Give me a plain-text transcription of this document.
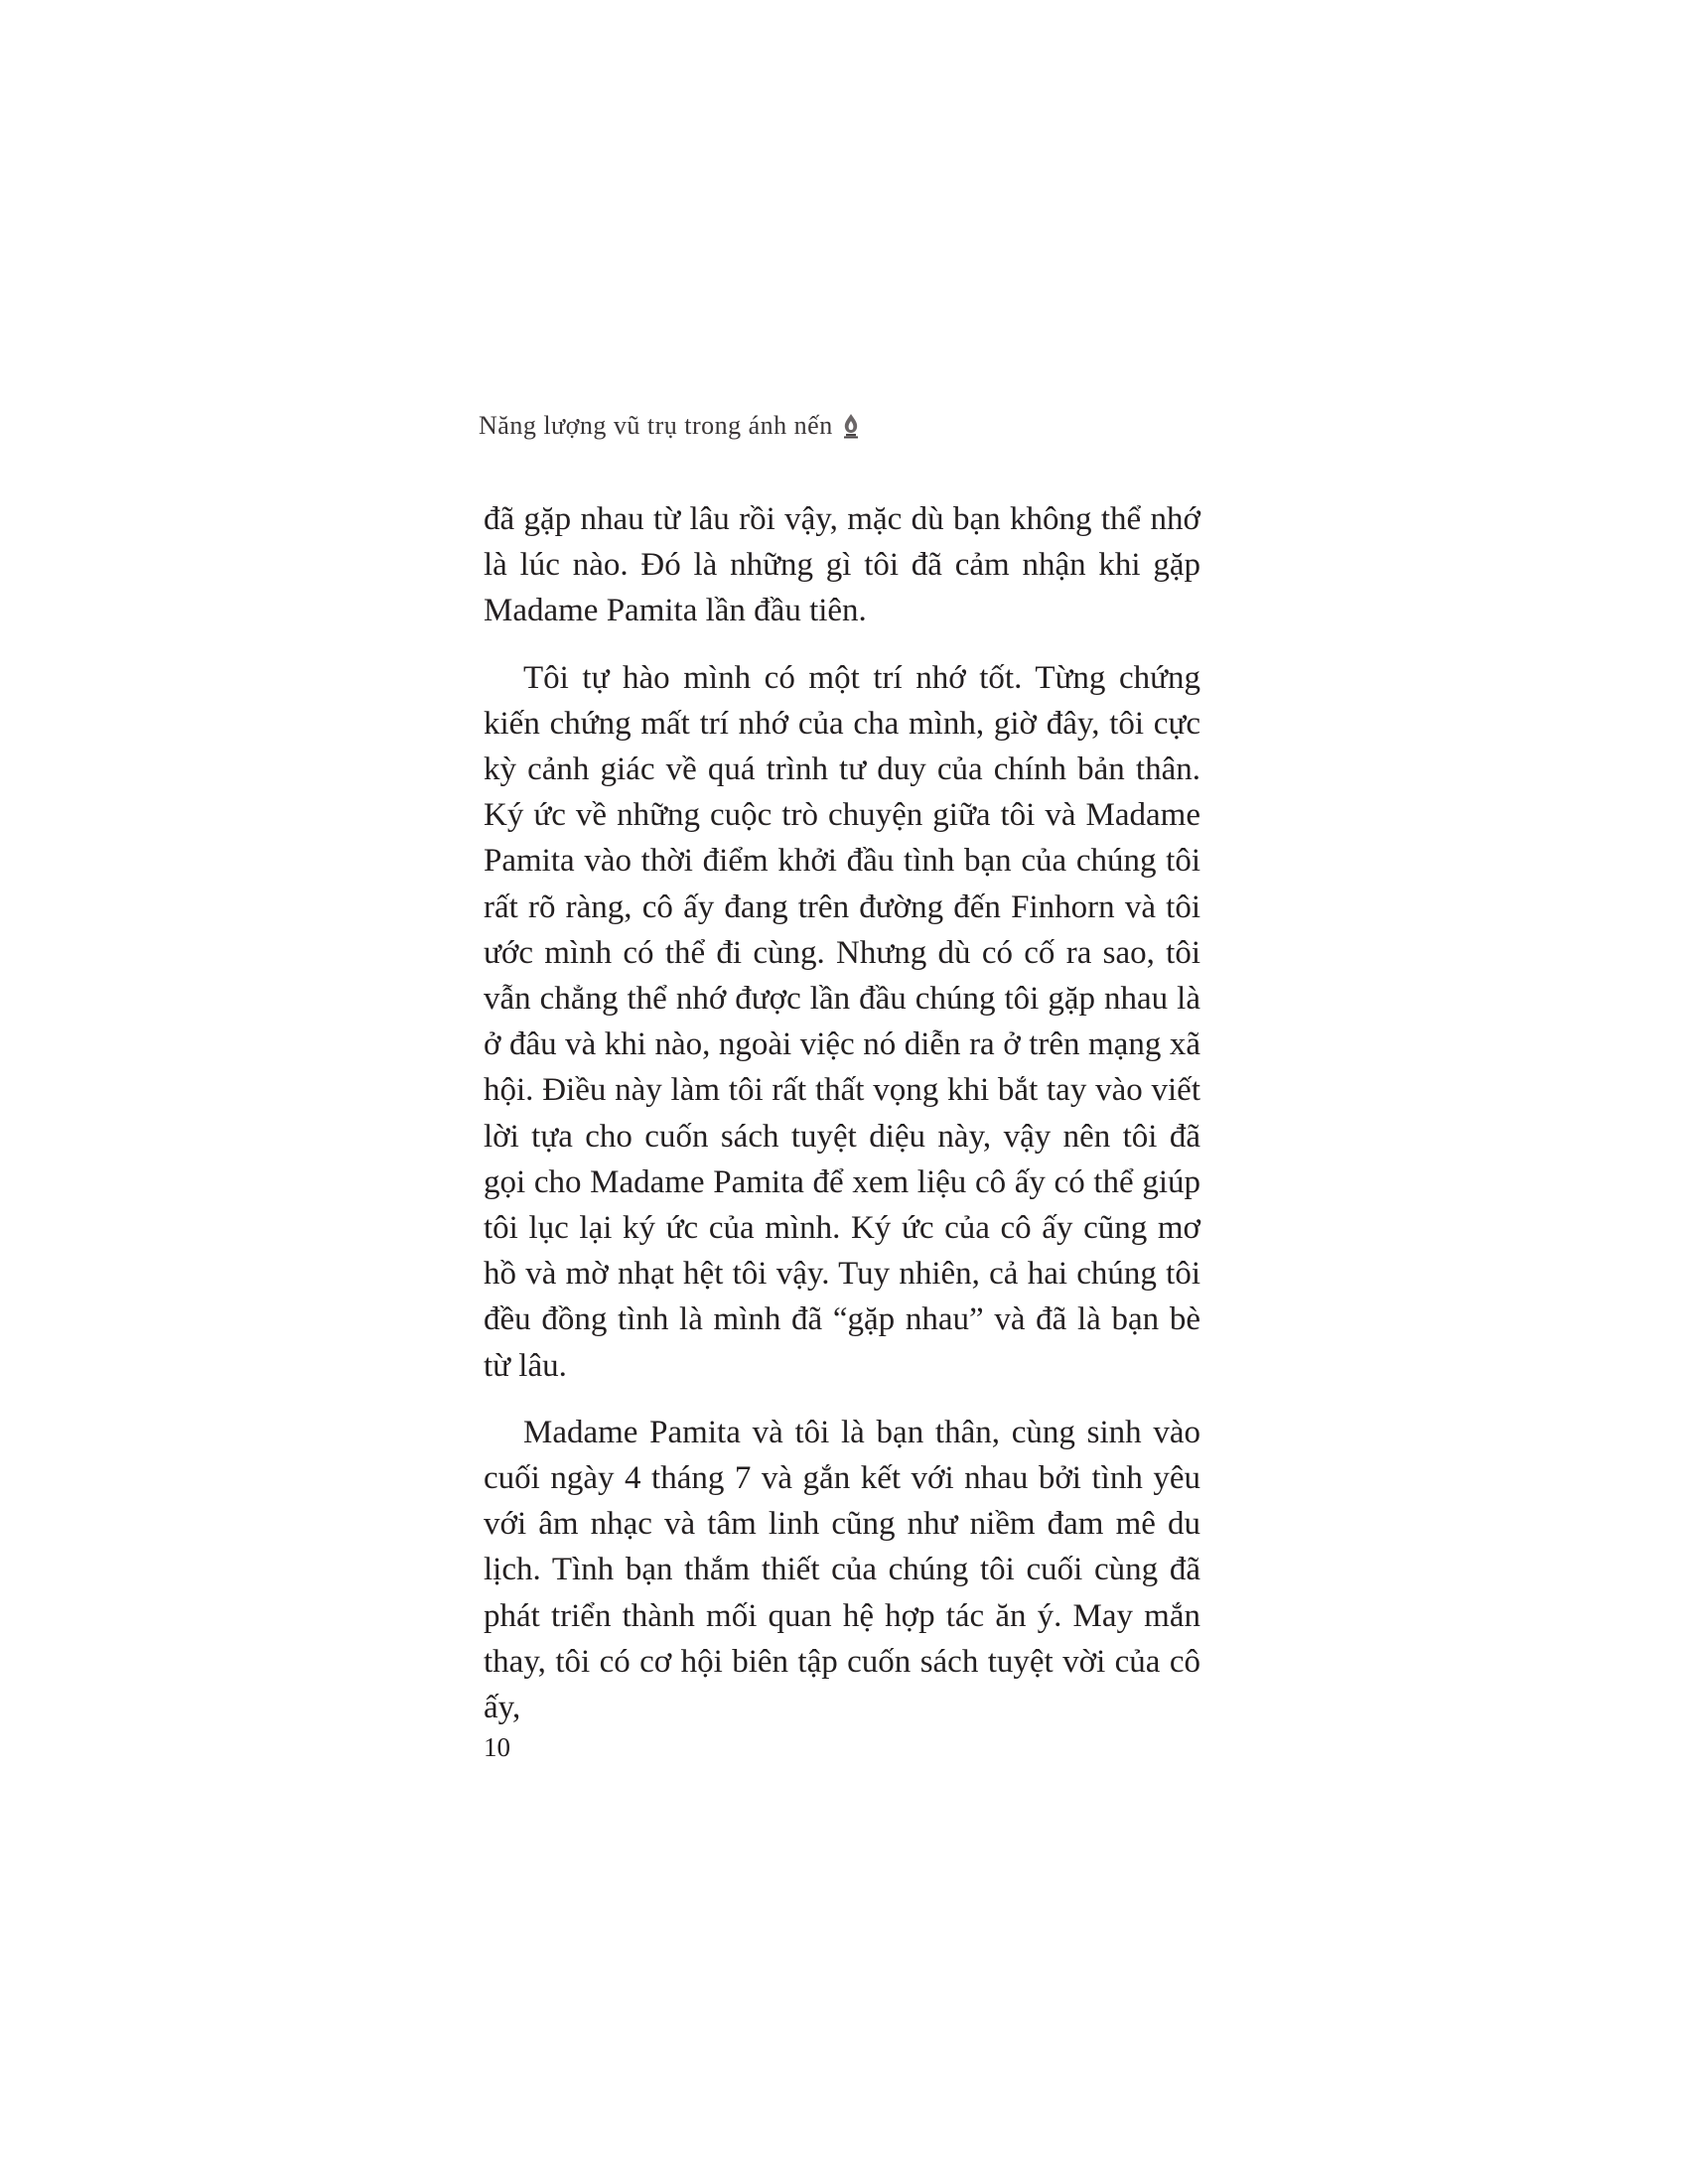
Năng lượng vũ trụ trong ánh nến

đã gặp nhau từ lâu rồi vậy, mặc dù bạn không thể nhớ là lúc nào. Đó là những gì tôi đã cảm nhận khi gặp Madame Pamita lần đầu tiên.

Tôi tự hào mình có một trí nhớ tốt. Từng chứng kiến chứng mất trí nhớ của cha mình, giờ đây, tôi cực kỳ cảnh giác về quá trình tư duy của chính bản thân. Ký ức về những cuộc trò chuyện giữa tôi và Madame Pamita vào thời điểm khởi đầu tình bạn của chúng tôi rất rõ ràng, cô ấy đang trên đường đến Finhorn và tôi ước mình có thể đi cùng. Nhưng dù có cố ra sao, tôi vẫn chẳng thể nhớ được lần đầu chúng tôi gặp nhau là ở đâu và khi nào, ngoài việc nó diễn ra ở trên mạng xã hội. Điều này làm tôi rất thất vọng khi bắt tay vào viết lời tựa cho cuốn sách tuyệt diệu này, vậy nên tôi đã gọi cho Madame Pamita để xem liệu cô ấy có thể giúp tôi lục lại ký ức của mình. Ký ức của cô ấy cũng mơ hồ và mờ nhạt hệt tôi vậy. Tuy nhiên, cả hai chúng tôi đều đồng tình là mình đã “gặp nhau” và đã là bạn bè từ lâu.

Madame Pamita và tôi là bạn thân, cùng sinh vào cuối ngày 4 tháng 7 và gắn kết với nhau bởi tình yêu với âm nhạc và tâm linh cũng như niềm đam mê du lịch. Tình bạn thắm thiết của chúng tôi cuối cùng đã phát triển thành mối quan hệ hợp tác ăn ý. May mắn thay, tôi có cơ hội biên tập cuốn sách tuyệt vời của cô ấy,

10
